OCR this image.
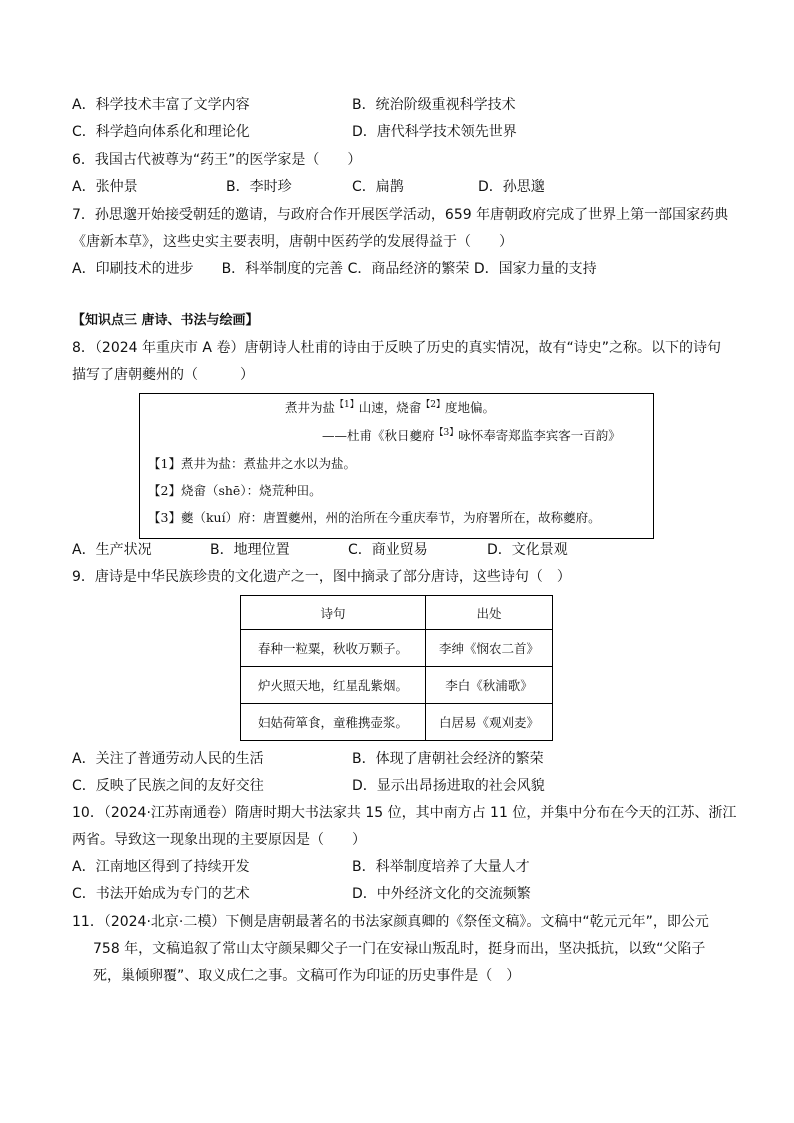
A．科学技术丰富了文学内容	B．统治阶级重视科学技术
C．科学趋向体系化和理论化	D．唐代科学技术领先世界
6．我国古代被尊为“药王”的医学家是（　　）
A．张仲景	B．李时珍	C．扁鹊	D．孙思邈
7．孙思邈开始接受朝廷的邀请，与政府合作开展医学活动，659 年唐朝政府完成了世界上第一部国家药典
《唐新本草》，这些史实主要表明，唐朝中医药学的发展得益于（　　）
A．印刷技术的进步　　B．科举制度的完善 C．商品经济的繁荣 D．国家力量的支持
【知识点三 唐诗、书法与绘画】
8．（2024 年重庆市 A 卷）唐朝诗人杜甫的诗由于反映了历史的真实情况，故有“诗史”之称。以下的诗句
描写了唐朝夔州的（　　　）
煮井为盐$^{【1】}$山速，烧畲$^{【2】}$度地偏。
——杜甫《秋日夔府$^{【3】}$咏怀奉寄郑监李宾客一百韵》
【1】煮井为盐：煮盐井之水以为盐。
【2】烧畲（shē）：烧荒种田。
【3】夔（kuí）府：唐置夔州，州的治所在今重庆奉节，为府署所在，故称夔府。
A．生产状况	B．地理位置	C．商业贸易	D．文化景观
9．唐诗是中华民族珍贵的文化遗产之一，图中摘录了部分唐诗，这些诗句（　）
诗句	出处
春种一粒粟，秋收万颗子。	李绅《悯农二首》
炉火照天地，红星乱紫烟。	李白《秋浦歌》
妇姑荷箪食，童稚携壶浆。	白居易《观刈麦》
A．关注了普通劳动人民的生活	B．体现了唐朝社会经济的繁荣
C．反映了民族之间的友好交往	D．显示出昂扬进取的社会风貌
10．（2024·江苏南通卷）隋唐时期大书法家共 15 位，其中南方占 11 位，并集中分布在今天的江苏、浙江
两省。导致这一现象出现的主要原因是（　　）
A．江南地区得到了持续开发	B．科举制度培养了大量人才
C．书法开始成为专门的艺术	D．中外经济文化的交流频繁
11．（2024·北京·二模）下侧是唐朝最著名的书法家颜真卿的《祭侄文稿》。文稿中“乾元元年”，即公元
758 年，文稿追叙了常山太守颜杲卿父子一门在安禄山叛乱时，挺身而出，坚决抵抗，以致“父陷子
死，巢倾卵覆”、取义成仁之事。文稿可作为印证的历史事件是（　）
